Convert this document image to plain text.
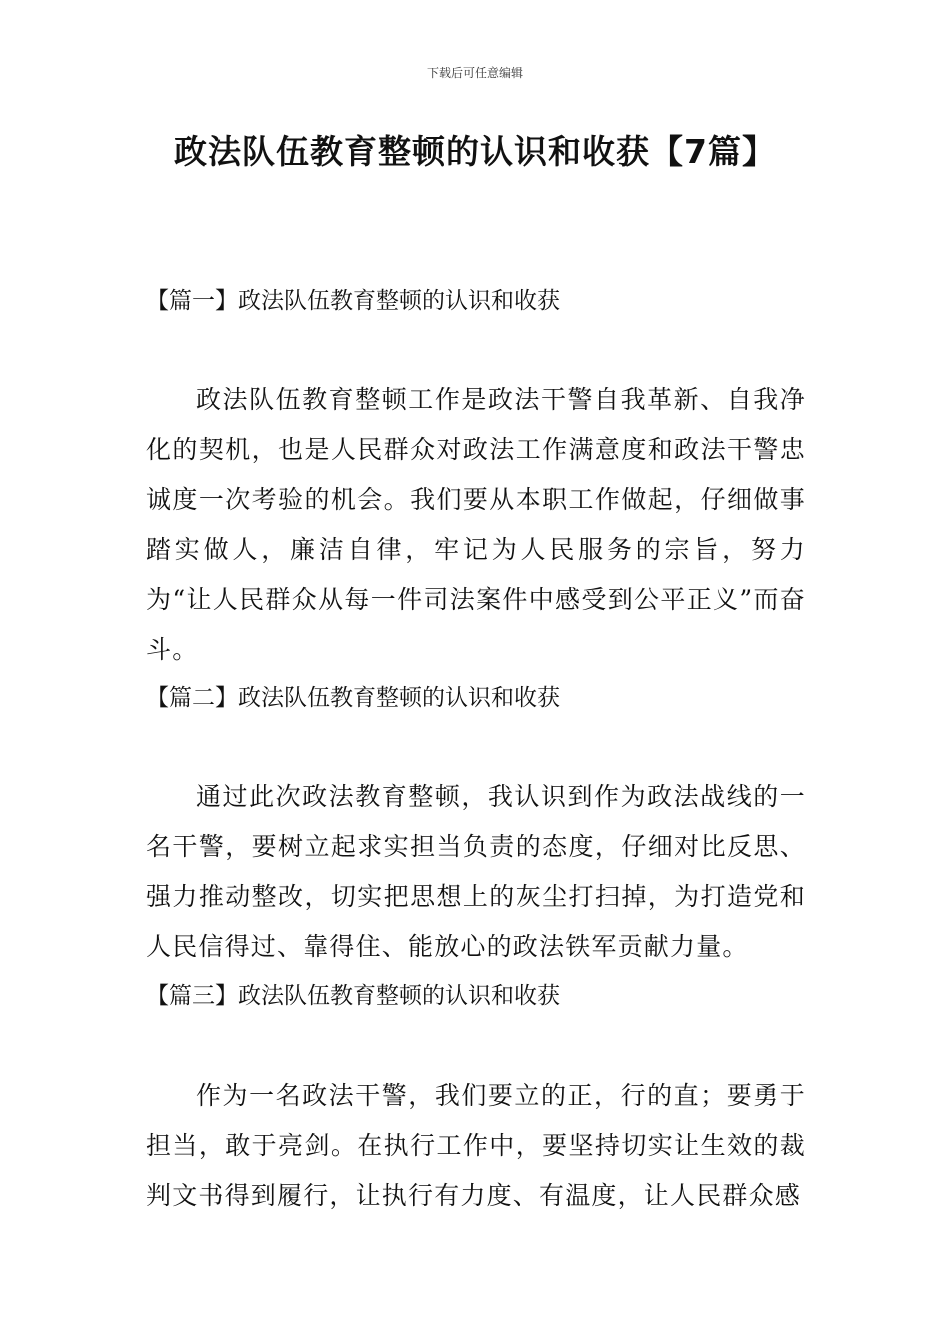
下载后可任意编辑
政法队伍教育整顿的认识和收获【7篇】
【篇一】政法队伍教育整顿的认识和收获

政法队伍教育整顿工作是政法干警自我革新、自我净化的契机，也是人民群众对政法工作满意度和政法干警忠诚度一次考验的机会。我们要从本职工作做起，仔细做事踏实做人，廉洁自律，牢记为人民服务的宗旨，努力为“让人民群众从每一件司法案件中感受到公平正义”而奋斗。

【篇二】政法队伍教育整顿的认识和收获

通过此次政法教育整顿，我认识到作为政法战线的一名干警，要树立起求实担当负责的态度，仔细对比反思、强力推动整改，切实把思想上的灰尘打扫掉，为打造党和人民信得过、靠得住、能放心的政法铁军贡献力量。

【篇三】政法队伍教育整顿的认识和收获

作为一名政法干警，我们要立的正，行的直；要勇于担当，敢于亮剑。在执行工作中，要坚持切实让生效的裁判文书得到履行，让执行有力度、有温度，让人民群众感
